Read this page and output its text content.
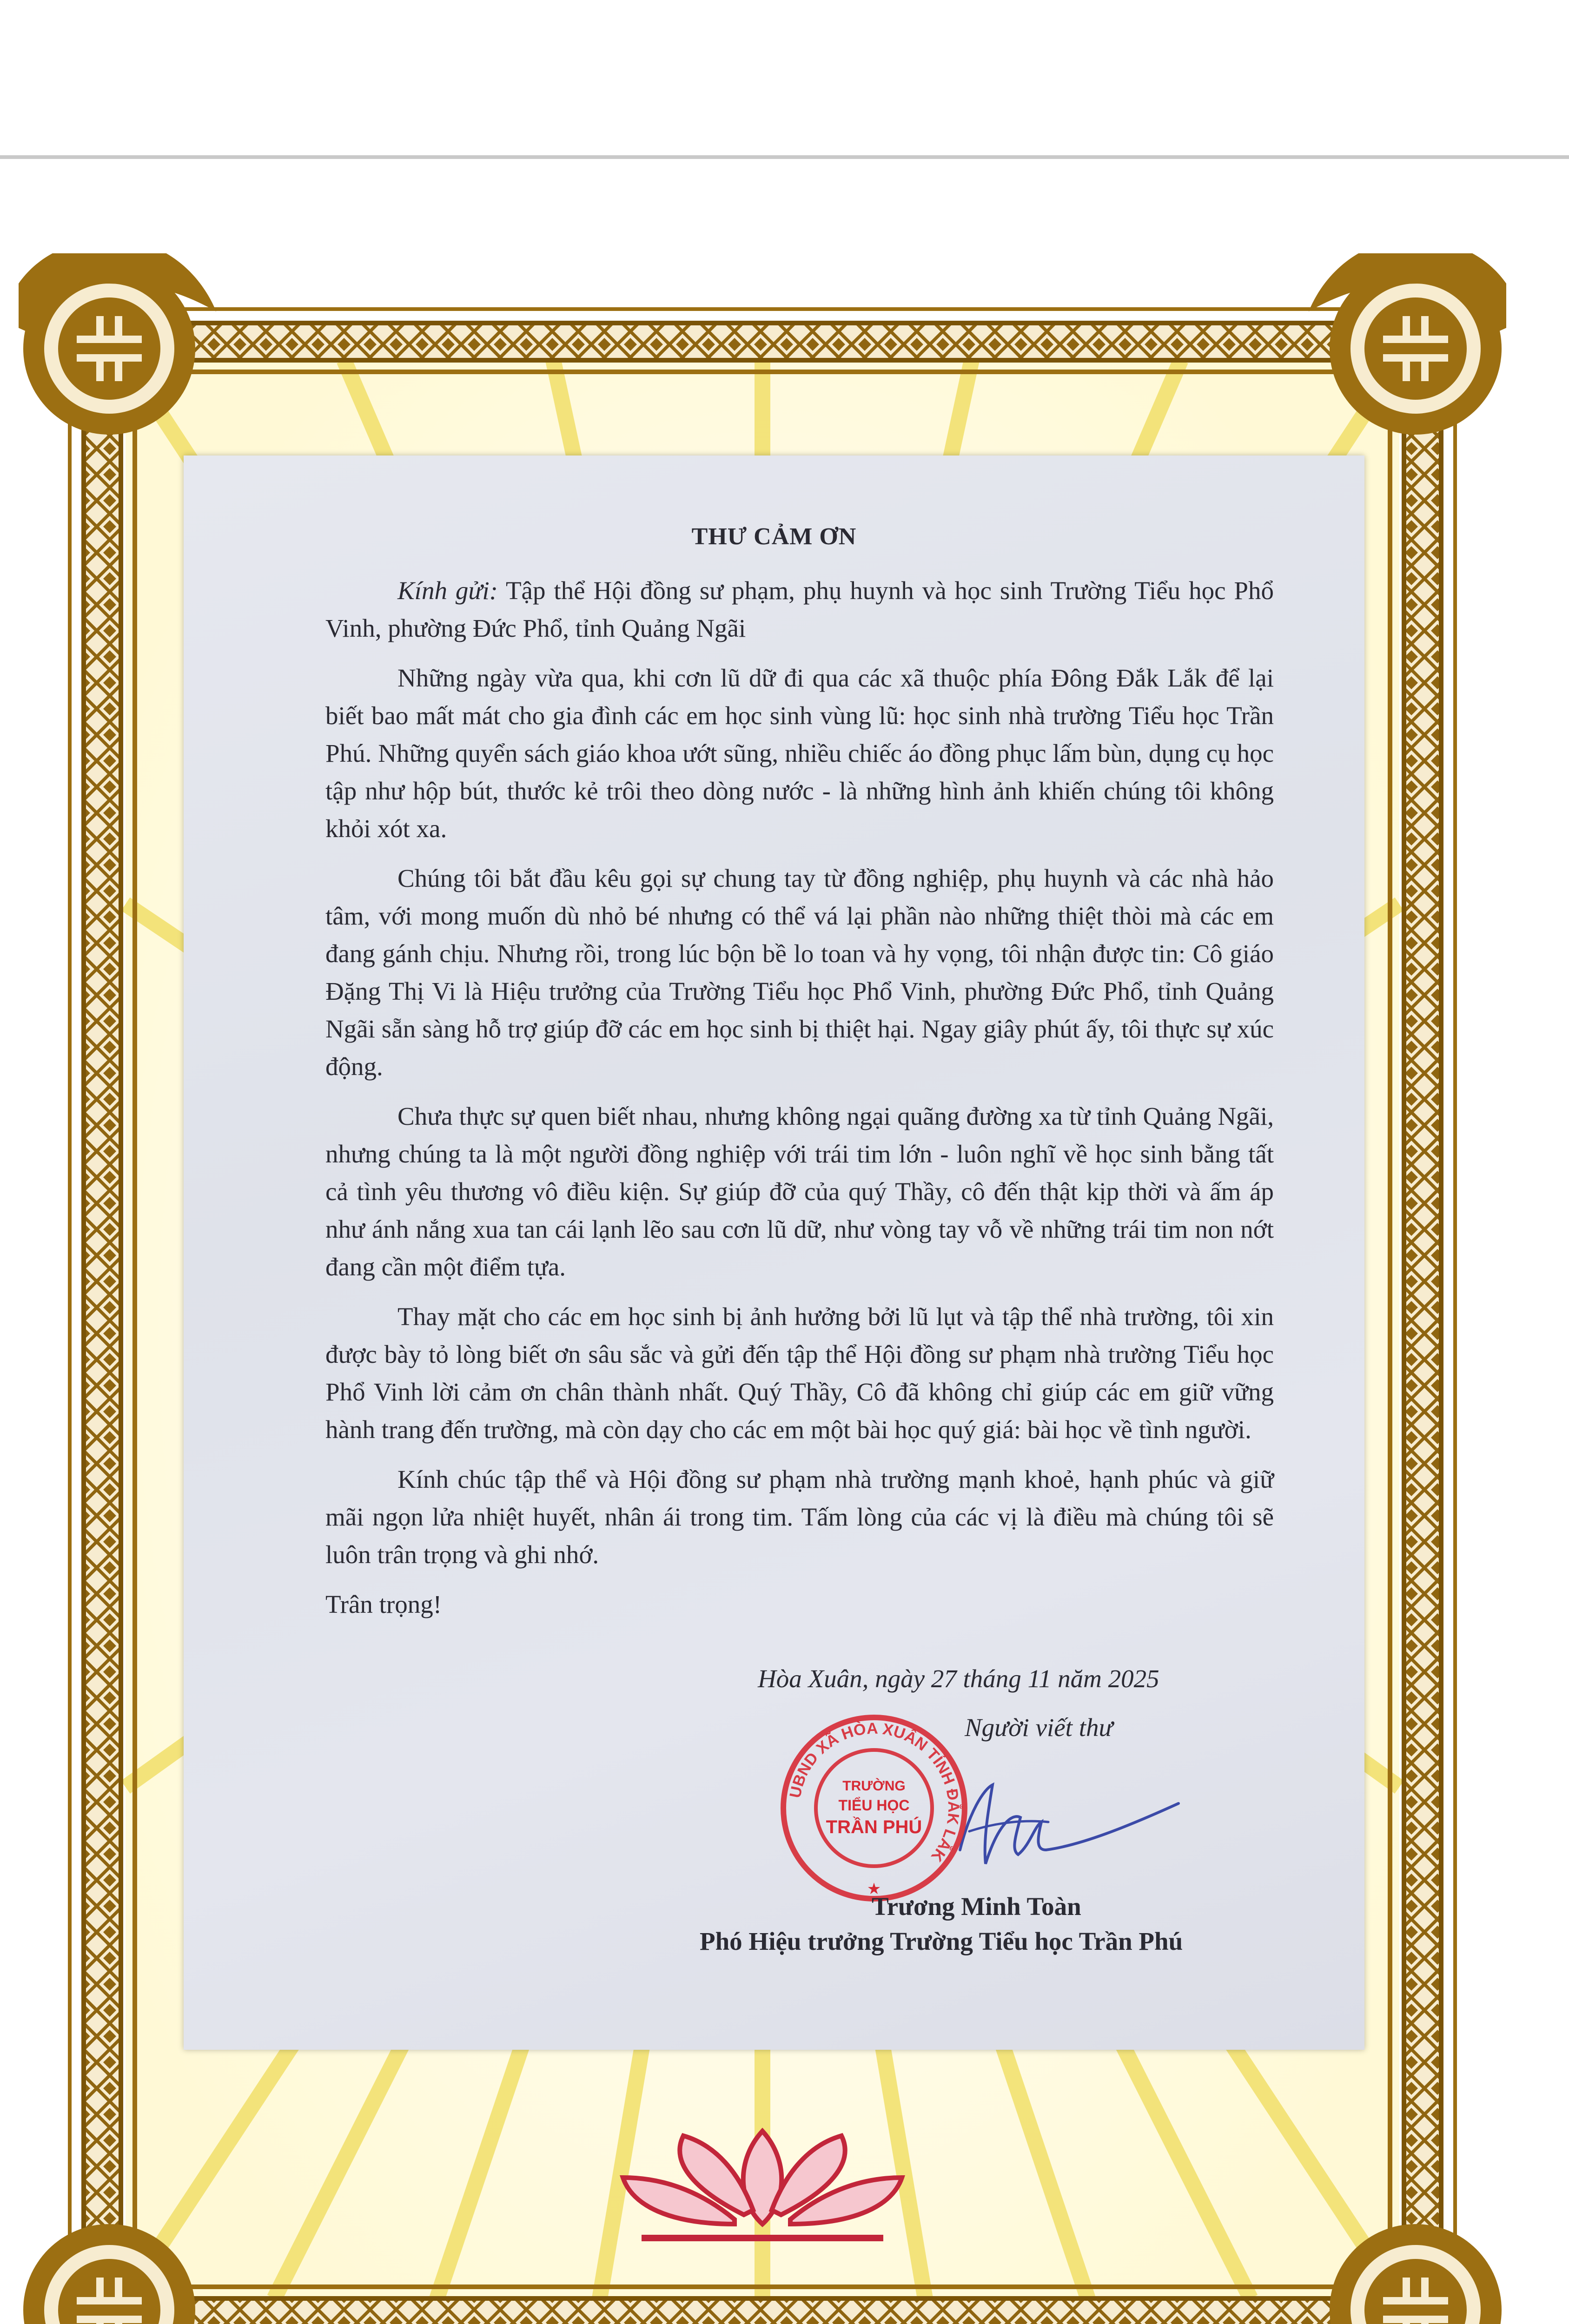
THƯ CẢM ƠN

Kính gửi: Tập thể Hội đồng sư phạm, phụ huynh và học sinh Trường Tiểu học Phổ Vinh, phường Đức Phổ, tỉnh Quảng Ngãi

Những ngày vừa qua, khi cơn lũ dữ đi qua các xã thuộc phía Đông Đắk Lắk để lại biết bao mất mát cho gia đình các em học sinh vùng lũ: học sinh nhà trường Tiểu học Trần Phú. Những quyển sách giáo khoa ướt sũng, nhiều chiếc áo đồng phục lấm bùn, dụng cụ học tập như hộp bút, thước kẻ trôi theo dòng nước - là những hình ảnh khiến chúng tôi không khỏi xót xa.

Chúng tôi bắt đầu kêu gọi sự chung tay từ đồng nghiệp, phụ huynh và các nhà hảo tâm, với mong muốn dù nhỏ bé nhưng có thể vá lại phần nào những thiệt thòi mà các em đang gánh chịu. Nhưng rồi, trong lúc bộn bề lo toan và hy vọng, tôi nhận được tin: Cô giáo Đặng Thị Vi là Hiệu trưởng của Trường Tiểu học Phổ Vinh, phường Đức Phổ, tỉnh Quảng Ngãi sẵn sàng hỗ trợ giúp đỡ các em học sinh bị thiệt hại. Ngay giây phút ấy, tôi thực sự xúc động.

Chưa thực sự quen biết nhau, nhưng không ngại quãng đường xa từ tỉnh Quảng Ngãi, nhưng chúng ta là một người đồng nghiệp với trái tim lớn - luôn nghĩ về học sinh bằng tất cả tình yêu thương vô điều kiện. Sự giúp đỡ của quý Thầy, cô đến thật kịp thời và ấm áp như ánh nắng xua tan cái lạnh lẽo sau cơn lũ dữ, như vòng tay vỗ về những trái tim non nớt đang cần một điểm tựa.

Thay mặt cho các em học sinh bị ảnh hưởng bởi lũ lụt và tập thể nhà trường, tôi xin được bày tỏ lòng biết ơn sâu sắc và gửi đến tập thể Hội đồng sư phạm nhà trường Tiểu học Phổ Vinh lời cảm ơn chân thành nhất. Quý Thầy, Cô đã không chỉ giúp các em giữ vững hành trang đến trường, mà còn dạy cho các em một bài học quý giá: bài học về tình người.

Kính chúc tập thể và Hội đồng sư phạm nhà trường mạnh khoẻ, hạnh phúc và giữ mãi ngọn lửa nhiệt huyết, nhân ái trong tim. Tấm lòng của các vị là điều mà chúng tôi sẽ luôn trân trọng và ghi nhớ.

Trân trọng!

Hòa Xuân, ngày 27 tháng 11 năm 2025
Người viết thư
UBND XÃ HÒA XUÂN TỈNH ĐẮK LẮK
TRƯỜNG
TIỂU HỌC
TRẦN PHÚ
★
Trương Minh Toàn
Phó Hiệu trưởng Trường Tiểu học Trần Phú
